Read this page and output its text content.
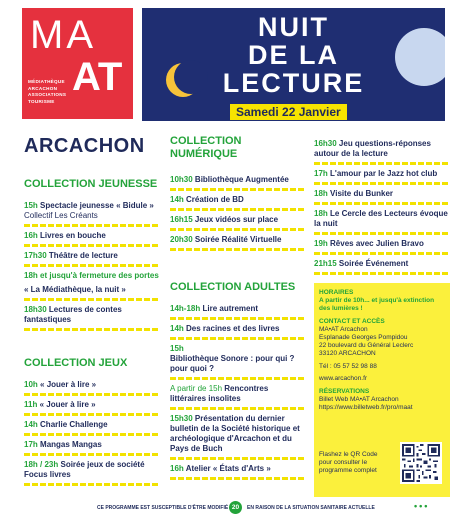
MA
AT
MÉDIATHÈQUE
ARCACHON
ASSOCIATIONS
TOURISME
NUIT
DE LA
LECTURE
Samedi 22 Janvier
ARCACHON
COLLECTION JEUNESSE
15h Spectacle jeunesse « Bidule » Collectif Les Créants
16h Livres en bouche
17h30 Théâtre de lecture
18h et jusqu'à fermeture des portes
« La Médiathèque, la nuit »
18h30 Lectures de contes fantastiques
COLLECTION JEUX
10h « Jouer à lire »
11h « Jouer à lire »
14h Charlie Challenge
17h Mangas Mangas
18h / 23h Soirée jeux de société Focus livres
COLLECTION NUMÉRIQUE
10h30 Bibliothèque Augmentée
14h Création de BD
16h15 Jeux vidéos sur place
20h30 Soirée Réalité Virtuelle
COLLECTION ADULTES
14h-18h Lire autrement
14h Des racines et des livres
15h
Bibliothèque Sonore : pour qui ? pour quoi ?
A partir de 15h Rencontres littéraires insolites
15h30 Présentation du dernier bulletin de la Société historique et archéologique d'Arcachon et du Pays de Buch
16h Atelier « États d'Arts »
16h30 Jeu questions-réponses autour de la lecture
17h L'amour par le Jazz hot club
18h Visite du Bunker
18h Le Cercle des Lecteurs évoque la nuit
19h Rêves avec Julien Bravo
21h15 Soirée Événement
HORAIRES
A partir de 10h... et jusqu'à extinction des lumières !
CONTACT ET ACCÈS
MA•AT Arcachon
Esplanade Georges Pompidou
22 boulevard du Général Leclerc
33120 ARCACHON
Tél : 05 57 52 98 88
www.arcachon.fr
RÉSERVATIONS
Billet Web MA•AT Arcachon
https://www.billetweb.fr/pro/maat
Flashez le QR Code pour consulter le programme complet
CE PROGRAMME EST SUSCEPTIBLE D'ÊTRE MODIFIÉ 20	EN RAISON DE LA SITUATION SANITAIRE ACTUELLE	•••
